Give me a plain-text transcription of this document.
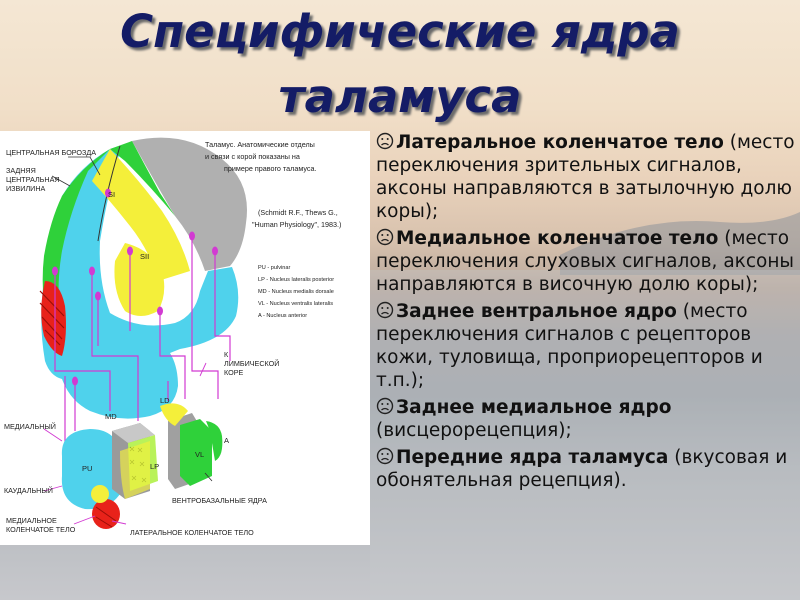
Специфические ядра
таламуса
ЦЕНТРАЛЬНАЯ БОРОЗДА
ЗАДНЯЯ
ЦЕНТРАЛЬНАЯ
ИЗВИЛИНА
К
ЛИМБИЧЕСКОЙ
КОРЕ
МЕДИАЛЬНЫЙ
КАУДАЛЬНЫЙ
ВЕНТРОБАЗАЛЬНЫЕ ЯДРА
МЕДИАЛЬНОЕ
КОЛЕНЧАТОЕ ТЕЛО	ЛАТЕРАЛЬНОЕ КОЛЕНЧАТОЕ ТЕЛО
SI
SII
MD
LD
PU	LP
VL
A
Таламус. Анатомические отделы
и связи с корой показаны на
примере правого таламуса.
(Schmidt R.F., Thews G.,
"Human Physiology", 1983.)
PU - pulvinar
LP - Nucleus lateralis posterior
MD - Nucleus medialis dorsale
VL - Nucleus ventralis lateralis
A - Nucleus anterior
Латеральное коленчатое тело (место переключения зрительных сигналов, аксоны направляются в затылочную долю коры);
Медиальное коленчатое тело (место переключения слуховых сигналов, аксоны направляются в височную долю коры);
Заднее вентральное ядро (место переключения сигналов с рецепторов кожи, туловища, проприорецепторов и т.п.);
Заднее медиальное ядро (висцерорецепция);
Передние ядра таламуса (вкусовая и обонятельная рецепция).
